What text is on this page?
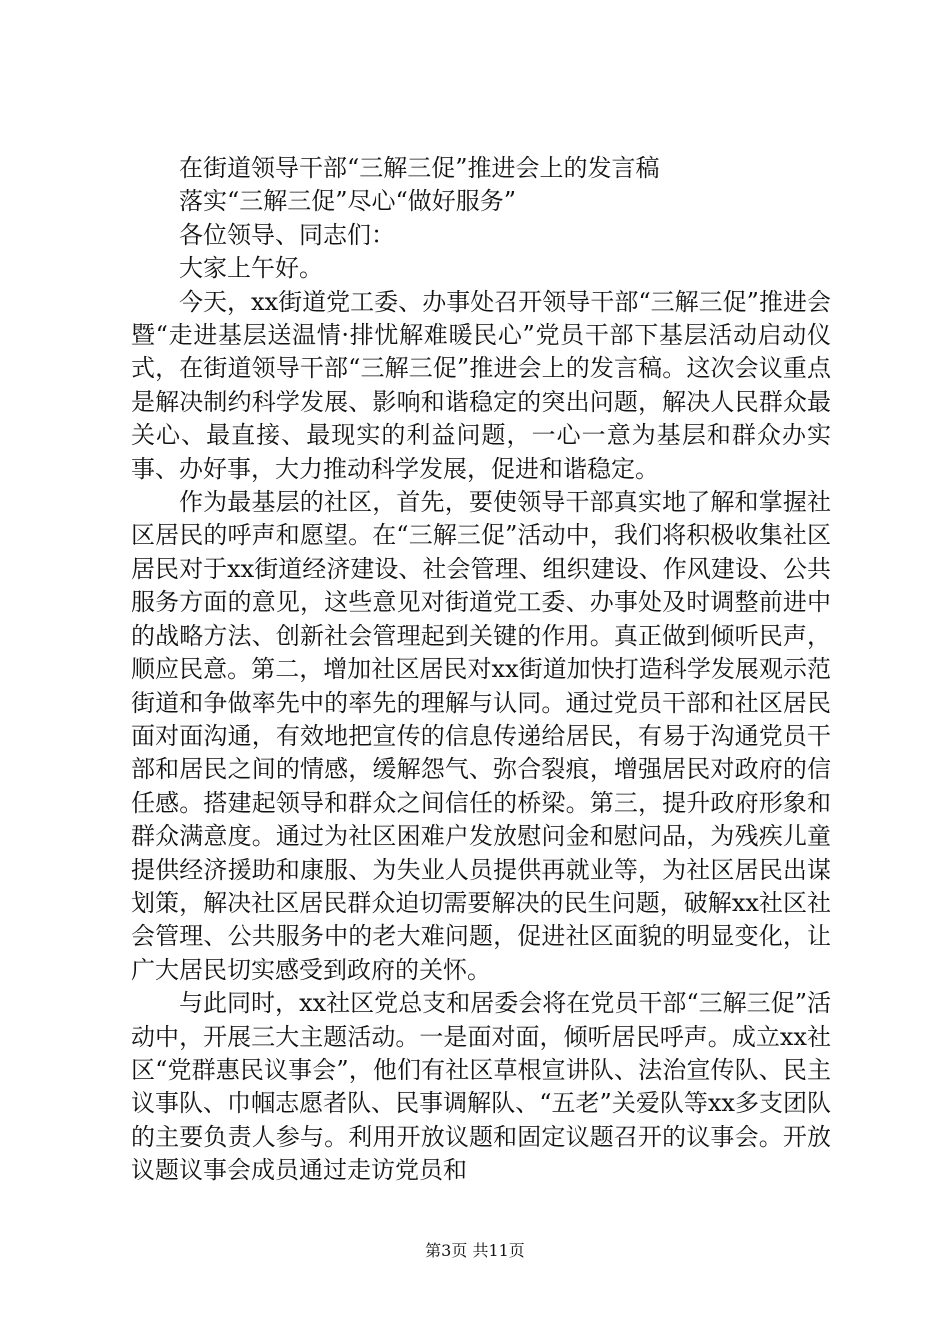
在街道领导干部“三解三促”推进会上的发言稿

落实“三解三促”尽心“做好服务”

各位领导、同志们：

大家上午好。

今天，xx街道党工委、办事处召开领导干部“三解三促”推进会暨“走进基层送温情·排忧解难暖民心”党员干部下基层活动启动仪式，在街道领导干部“三解三促”推进会上的发言稿。这次会议重点是解决制约科学发展、影响和谐稳定的突出问题，解决人民群众最关心、最直接、最现实的利益问题，一心一意为基层和群众办实事、办好事，大力推动科学发展，促进和谐稳定。

作为最基层的社区，首先，要使领导干部真实地了解和掌握社区居民的呼声和愿望。在“三解三促”活动中，我们将积极收集社区居民对于xx街道经济建设、社会管理、组织建设、作风建设、公共服务方面的意见，这些意见对街道党工委、办事处及时调整前进中的战略方法、创新社会管理起到关键的作用。真正做到倾听民声，顺应民意。第二，增加社区居民对xx街道加快打造科学发展观示范街道和争做率先中的率先的理解与认同。通过党员干部和社区居民面对面沟通，有效地把宣传的信息传递给居民，有易于沟通党员干部和居民之间的情感，缓解怨气、弥合裂痕，增强居民对政府的信任感。搭建起领导和群众之间信任的桥梁。第三，提升政府形象和群众满意度。通过为社区困难户发放慰问金和慰问品，为残疾儿童提供经济援助和康服、为失业人员提供再就业等，为社区居民出谋划策，解决社区居民群众迫切需要解决的民生问题，破解xx社区社会管理、公共服务中的老大难问题，促进社区面貌的明显变化，让广大居民切实感受到政府的关怀。

与此同时，xx社区党总支和居委会将在党员干部“三解三促”活动中，开展三大主题活动。一是面对面，倾听居民呼声。成立xx社区“党群惠民议事会”，他们有社区草根宣讲队、法治宣传队、民主议事队、巾帼志愿者队、民事调解队、“五老”关爱队等xx多支团队的主要负责人参与。利用开放议题和固定议题召开的议事会。开放议题议事会成员通过走访党员和

第3页 共11页
